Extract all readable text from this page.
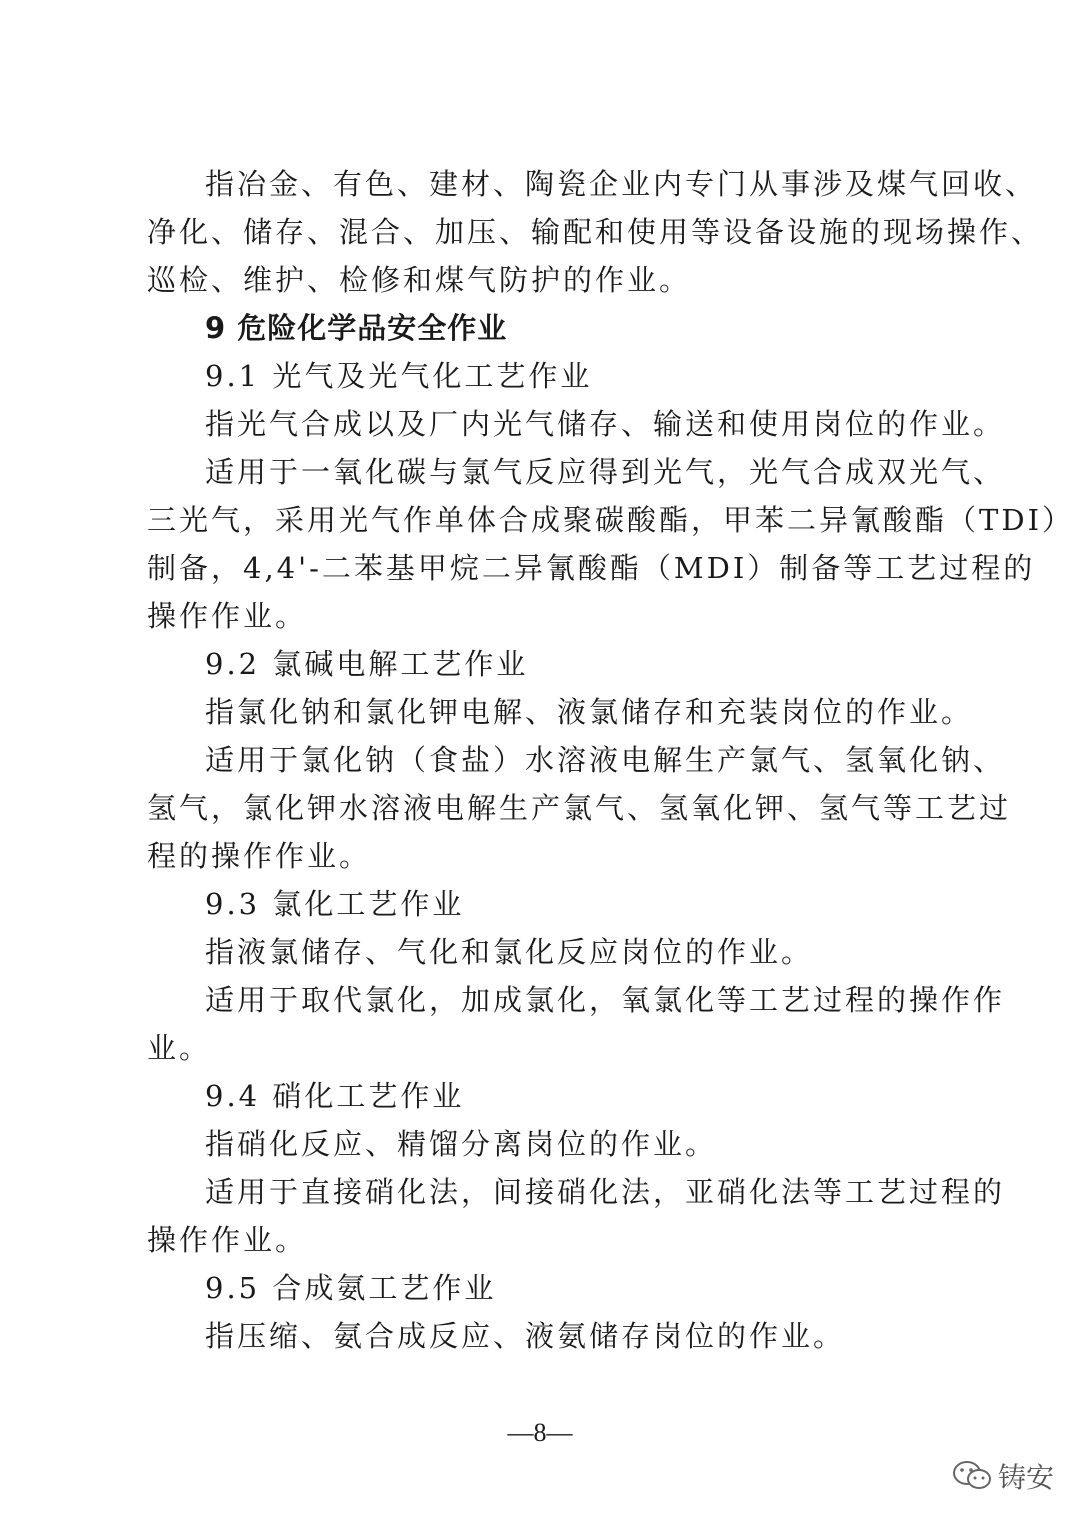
指冶金、有色、建材、陶瓷企业内专门从事涉及煤气回收、
净化、储存、混合、加压、输配和使用等设备设施的现场操作、
巡检、维护、检修和煤气防护的作业。
9 危险化学品安全作业
9.1 光气及光气化工艺作业
指光气合成以及厂内光气储存、输送和使用岗位的作业。
适用于一氧化碳与氯气反应得到光气，光气合成双光气、
三光气，采用光气作单体合成聚碳酸酯，甲苯二异氰酸酯（TDI）
制备，4,4'-二苯基甲烷二异氰酸酯（MDI）制备等工艺过程的
操作作业。
9.2 氯碱电解工艺作业
指氯化钠和氯化钾电解、液氯储存和充装岗位的作业。
适用于氯化钠（食盐）水溶液电解生产氯气、氢氧化钠、
氢气，氯化钾水溶液电解生产氯气、氢氧化钾、氢气等工艺过
程的操作作业。
9.3 氯化工艺作业
指液氯储存、气化和氯化反应岗位的作业。
适用于取代氯化，加成氯化，氧氯化等工艺过程的操作作
业。
9.4 硝化工艺作业
指硝化反应、精馏分离岗位的作业。
适用于直接硝化法，间接硝化法，亚硝化法等工艺过程的
操作作业。
9.5 合成氨工艺作业
指压缩、氨合成反应、液氨储存岗位的作业。
—8—
铸安
